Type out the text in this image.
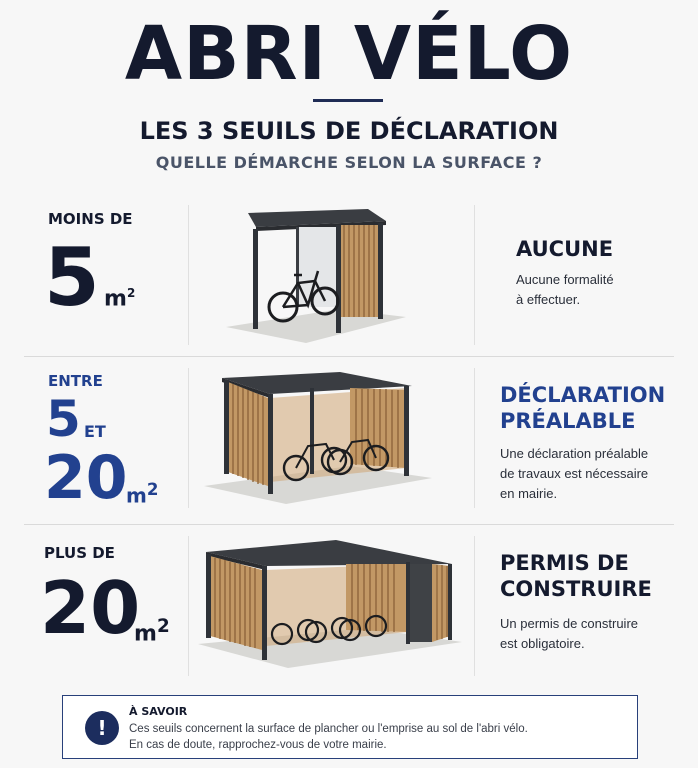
ABRI VÉLO
LES 3 SEUILS DE DÉCLARATION
QUELLE DÉMARCHE SELON LA SURFACE ?
MOINS DE
5 $m^2$
AUCUNE
Aucune formalité
à effectuer.
ENTRE
5 ET
20
$m^2$
DÉCLARATION
PRÉALABLE
Une déclaration préalable
de travaux est nécessaire
en mairie.
PLUS DE
20
$m^2$
PERMIS DE
CONSTRUIRE
Un permis de construire
est obligatoire.
!
À SAVOIR
Ces seuils concernent la surface de plancher ou l'emprise au sol de l'abri vélo.
En cas de doute, rapprochez-vous de votre mairie.
